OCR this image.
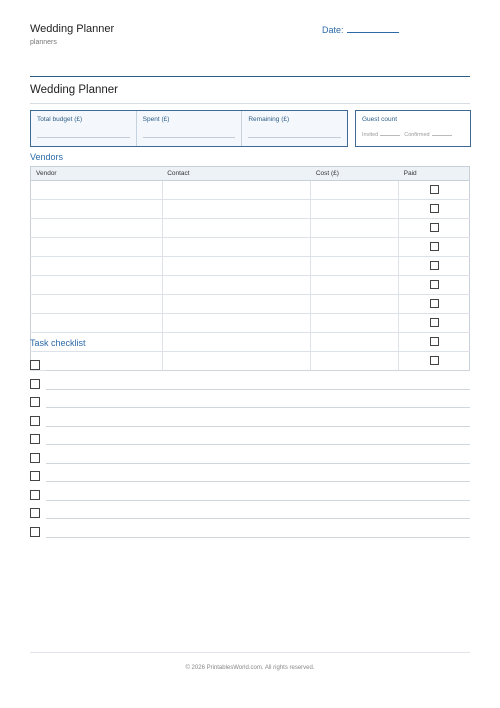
Wedding Planner
planners
Date:
Wedding Planner
Total budget (£)	Spent (£)	Remaining (£)	Guest count
Invited	Confirmed
Vendors
Vendor	Contact	Cost (£)	Paid

Task checklist
© 2026 PrintablesWorld.com. All rights reserved.
